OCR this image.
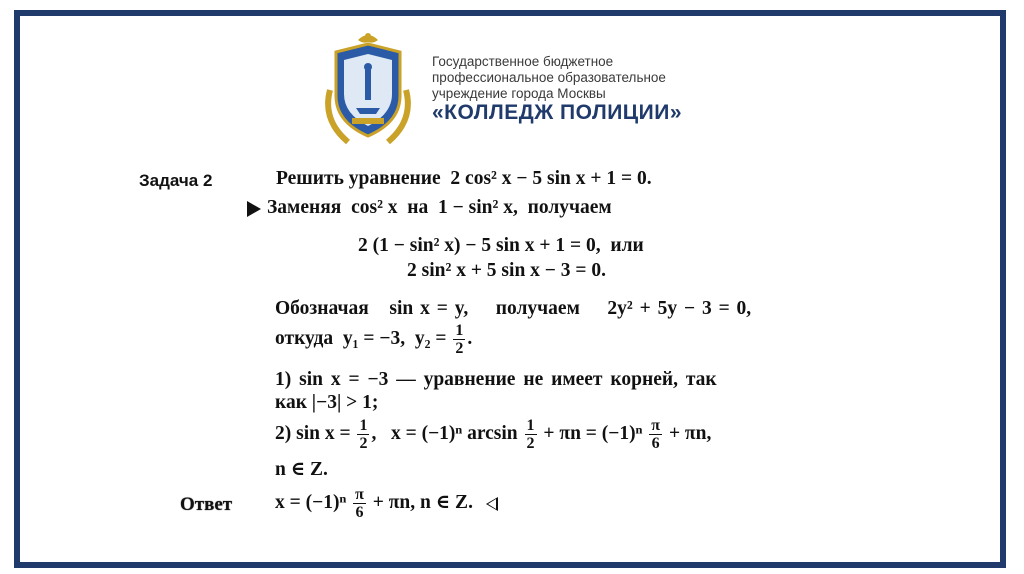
Государственное бюджетное
профессиональное образовательное
учреждение города Москвы
«КОЛЛЕДЖ ПОЛИЦИИ»
Задача 2	Решить уравнение 2 cos² x − 5 sin x + 1 = 0.
Заменяя cos² x на 1 − sin² x, получаем
2 (1 − sin² x) − 5 sin x + 1 = 0, или
2 sin² x + 5 sin x − 3 = 0.
Обозначая sin x = y, получаем 2y² + 5y − 3 = 0,
откуда y₁ = −3, $y_2 = \frac{1}{2}$ .
1) sin x = −3 — уравнение не имеет корней, так
как |−3| > 1;
2) $\sin x = \frac{1}{2}$ ,   x = (−1)ⁿ $\arcsin \frac{1}{2} + \pi n = (-1)^n \frac{\pi}{6} + \pi n$,
n ∈ Z.
Ответ $x = (-1)^n \frac{\pi}{6} + \pi n$, n ∈ Z.
